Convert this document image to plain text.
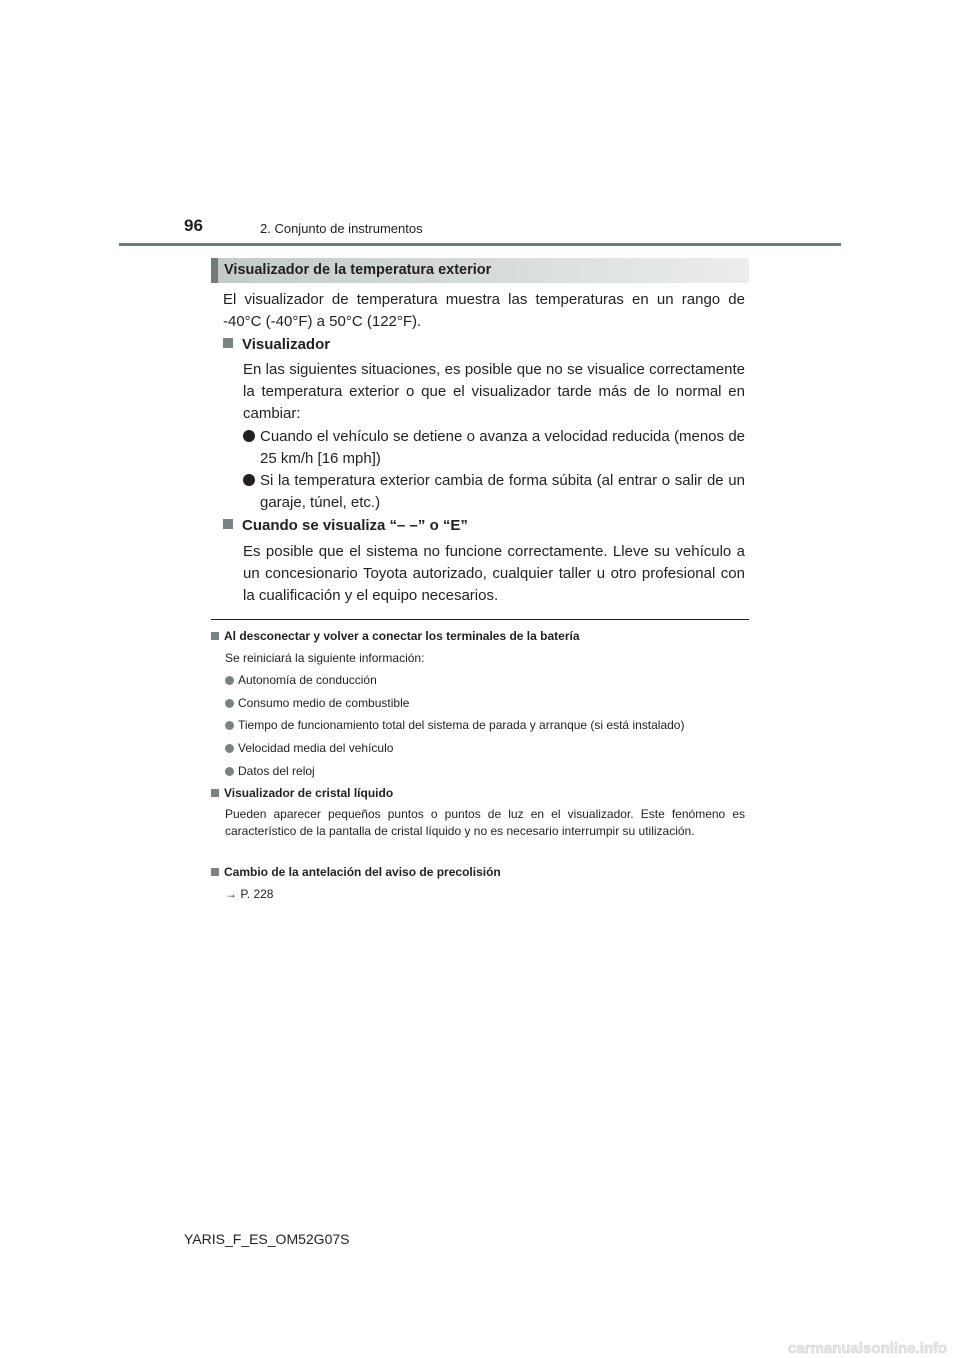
96	2. Conjunto de instrumentos
Visualizador de la temperatura exterior
El visualizador de temperatura muestra las temperaturas en un rango de -40°C (-40°F) a 50°C (122°F).
Visualizador
En las siguientes situaciones, es posible que no se visualice correctamente la temperatura exterior o que el visualizador tarde más de lo normal en cambiar:
Cuando el vehículo se detiene o avanza a velocidad reducida (menos de 25 km/h [16 mph])
Si la temperatura exterior cambia de forma súbita (al entrar o salir de un garaje, túnel, etc.)
Cuando se visualiza “– –” o “E”
Es posible que el sistema no funcione correctamente. Lleve su vehículo a un concesionario Toyota autorizado, cualquier taller u otro profesional con la cualificación y el equipo necesarios.
Al desconectar y volver a conectar los terminales de la batería
Se reiniciará la siguiente información:
Autonomía de conducción
Consumo medio de combustible
Tiempo de funcionamiento total del sistema de parada y arranque (si está instalado)
Velocidad media del vehículo
Datos del reloj
Visualizador de cristal líquido
Pueden aparecer pequeños puntos o puntos de luz en el visualizador. Este fenómeno es característico de la pantalla de cristal líquido y no es necesario interrumpir su utilización.
Cambio de la antelación del aviso de precolisión
→ P. 228
YARIS_F_ES_OM52G07S
carmanualsonline.info
